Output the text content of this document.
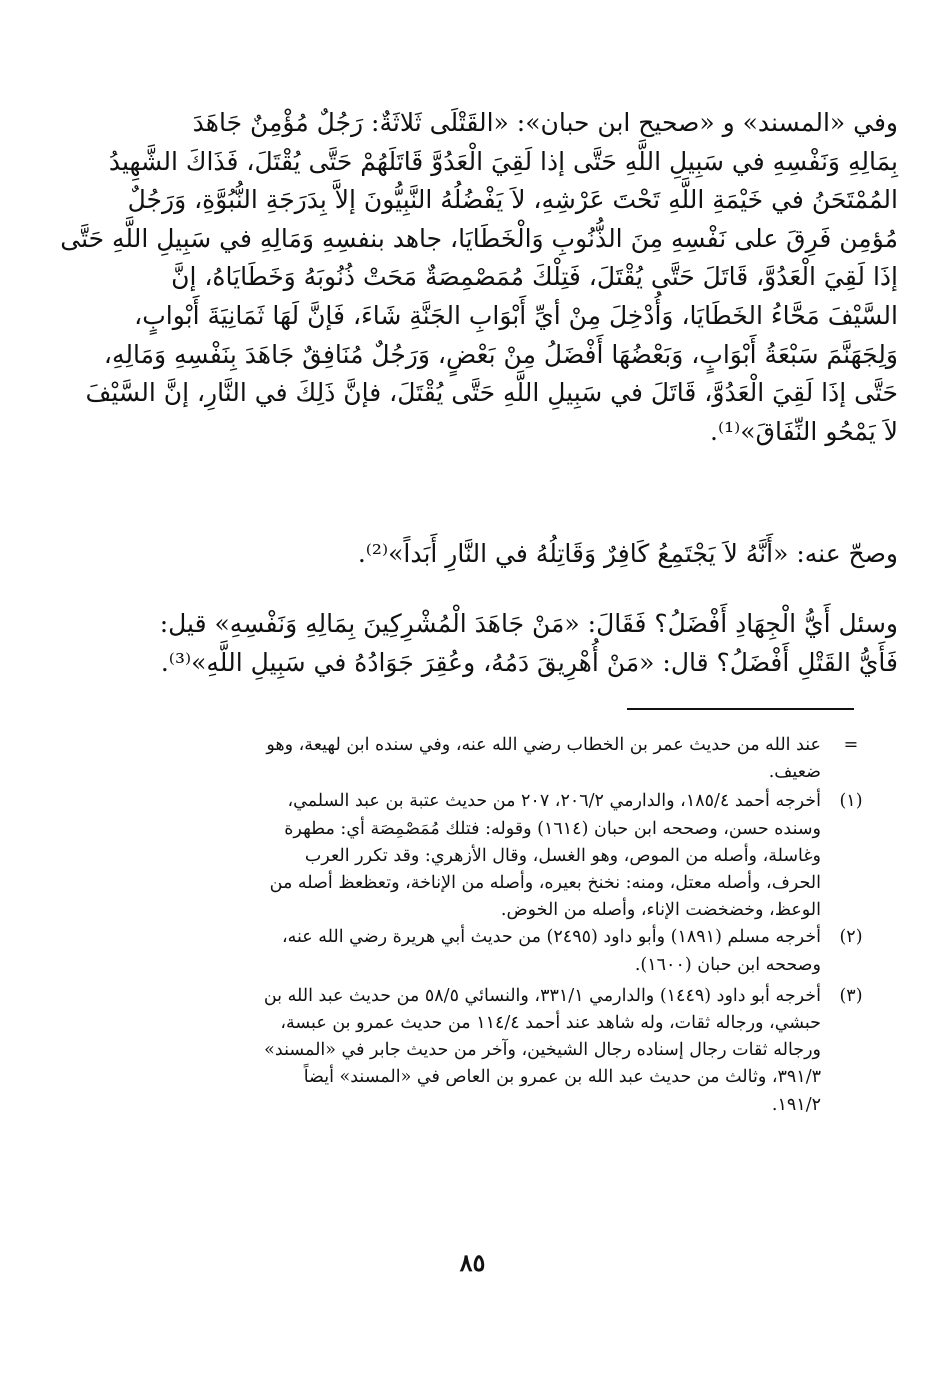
وفي «المسند» و «صحيح ابن حبان»: «القَتْلَى ثَلاثَةٌ: رَجُلٌ مُؤْمِنٌ جَاهَدَ
بِمَالِهِ وَنَفْسِهِ في سَبِيلِ اللَّهِ حَتَّى إذا لَقِيَ الْعَدُوَّ قَاتَلَهُمْ حَتَّى يُقْتَلَ، فَذَاكَ الشَّهِيدُ
المُمْتَحَنُ في خَيْمَةِ اللَّهِ تَحْتَ عَرْشِهِ، لاَ يَفْضُلُهُ النَّبِيُّونَ إلاَّ بِدَرَجَةِ النُّبُوَّةِ، وَرَجُلٌ
مُؤمِن فَرِقَ على نَفْسِهِ مِنَ الذُّنُوبِ وَالْخَطَايَا، جاهد بنفسِهِ وَمَالِهِ في سَبِيلِ اللَّهِ حَتَّى
إذَا لَقِيَ الْعَدُوَّ، قَاتَلَ حَتَّى يُقْتَلَ، فَتِلْكَ مُمَصْمِصَةٌ مَحَتْ ذُنُوبَهُ وَخَطَايَاهُ، إنَّ
السَّيْفَ مَحَّاءُ الخَطَايَا، وَأُدْخِلَ مِنْ أيِّ أَبْوَابِ الجَنَّةِ شَاءَ، فَإنَّ لَهَا ثَمَانِيَةَ أَبْوابٍ،
وَلِجَهَنَّمَ سَبْعَةُ أَبْوَابٍ، وَبَعْضُهَا أَفْضَلُ مِنْ بَعْضٍ، وَرَجُلٌ مُنَافِقٌ جَاهَدَ بِنَفْسِهِ وَمَالِهِ،
حَتَّى إذَا لَقِيَ الْعَدُوَّ، قَاتَلَ في سَبِيلِ اللَّهِ حَتَّى يُقْتَلَ، فإنَّ ذَلِكَ في النَّارِ، إنَّ السَّيْفَ
لاَ يَمْحُو النِّفَاقَ»⁽¹⁾.
وصحّ عنه: «أَنَّهُ لاَ يَجْتَمِعُ كَافِرٌ وَقَاتِلُهُ في النَّارِ أَبَداً»⁽²⁾.
وسئل أَيُّ الْجِهَادِ أَفْضَلُ؟ فَقَالَ: «مَنْ جَاهَدَ الْمُشْرِكِينَ بِمَالِهِ وَنَفْسِهِ» قيل:
فَأَيُّ القَتْلِ أَفْضَلُ؟ قال: «مَنْ أُهْرِيقَ دَمُهُ، وعُقِرَ جَوَادُهُ في سَبِيلِ اللَّهِ»⁽³⁾.
=
عند الله من حديث عمر بن الخطاب رضي الله عنه، وفي سنده ابن لهيعة، وهو
ضعيف.
(١)
أخرجه أحمد ١٨٥/٤، والدارمي ٢٠٦/٢، ٢٠٧ من حديث عتبة بن عبد السلمي،
وسنده حسن، وصححه ابن حبان (١٦١٤) وقوله: فتلك مُمَصْمِصَة أي: مطهرة
وغاسلة، وأصله من الموص، وهو الغسل، وقال الأزهري: وقد تكرر العرب
الحرف، وأصله معتل، ومنه: نخنخ بعيره، وأصله من الإناخة، وتعظعظ أصله من
الوعظ، وخضخضت الإناء، وأصله من الخوض.
(٢)
أخرجه مسلم (١٨٩١) وأبو داود (٢٤٩٥) من حديث أبي هريرة رضي الله عنه،
وصححه ابن حبان (١٦٠٠).
(٣)
أخرجه أبو داود (١٤٤٩) والدارمي ٣٣١/١، والنسائي ٥٨/٥ من حديث عبد الله بن
حبشي، ورجاله ثقات، وله شاهد عند أحمد ١١٤/٤ من حديث عمرو بن عبسة،
ورجاله ثقات رجال إسناده رجال الشيخين، وآخر من حديث جابر في «المسند»
٣٩١/٣، وثالث من حديث عبد الله بن عمرو بن العاص في «المسند» أيضاً
١٩١/٢.
٨٥
